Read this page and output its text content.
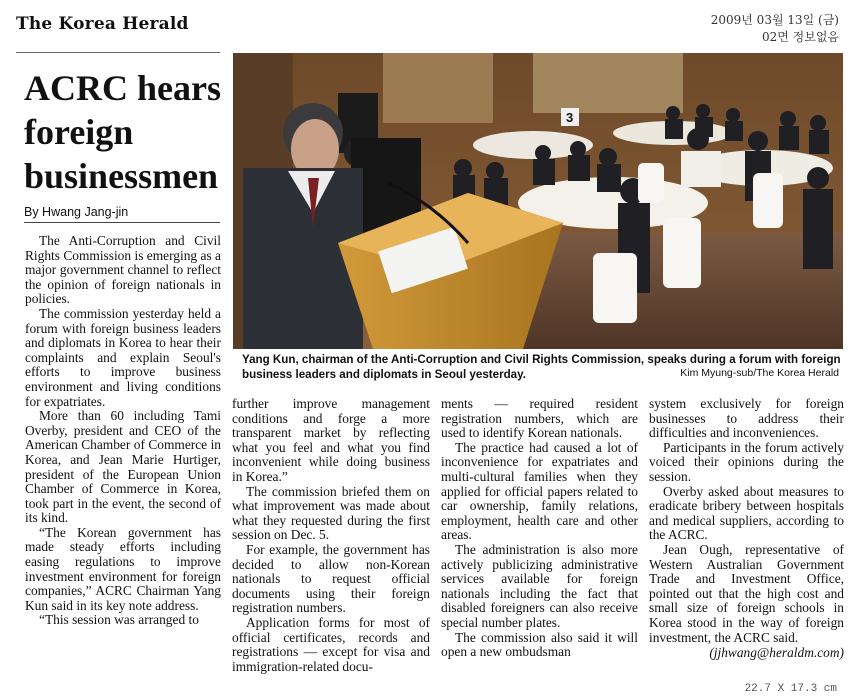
The Korea Herald	2009년 03월 13일 (금)
02면 정보없음
ACRC hears foreign businessmen
By Hwang Jang-jin

The Anti-Corruption and Civil Rights Commission is emerging as a major government channel to reflect the opinion of foreign nationals in policies.

The commission yesterday held a forum with foreign business leaders and diplomats in Korea to hear their complaints and explain Seoul's efforts to improve business environment and living conditions for expatriates.

More than 60 including Tami Overby, president and CEO of the American Chamber of Commerce in Korea, and Jean Marie Hurtiger, president of the European Union Chamber of Commerce in Korea, took part in the event, the second of its kind.

“The Korean government has made steady efforts including easing regulations to improve investment environment for foreign companies,” ACRC Chairman Yang Kun said in its key note address.

“This session was arranged to

3
Yang Kun, chairman of the Anti-Corruption and Civil Rights Commission, speaks during a forum with foreign business leaders and diplomats in Seoul yesterday.	Kim Myung-sub/The Korea Herald

further improve management conditions and forge a more transparent market by reflecting what you feel and what you find inconvenient while doing business in Korea.”

The commission briefed them on what improvement was made about what they requested during the first session on Dec. 5.

For example, the government has decided to allow non-Korean nationals to request official documents using their foreign registration numbers.

Application forms for most of official certificates, records and registrations — except for visa and immigration-related docu-

ments — required resident registration numbers, which are used to identify Korean nationals.

The practice had caused a lot of inconvenience for expatriates and multi-cultural families when they applied for official papers related to car ownership, family relations, employment, health care and other areas.

The administration is also more actively publicizing administrative services available for foreign nationals including the fact that disabled foreigners can also receive special number plates.

The commission also said it will open a new ombudsman

system exclusively for foreign businesses to address their difficulties and inconveniences.

Participants in the forum actively voiced their opinions during the session.

Overby asked about measures to eradicate bribery between hospitals and medical suppliers, according to the ACRC.

Jean Ough, representative of Western Australian Government Trade and Investment Office, pointed out that the high cost and small size of foreign schools in Korea stood in the way of foreign investment, the ACRC said.

(jjhwang@heraldm.com)

22.7 X 17.3 cm
